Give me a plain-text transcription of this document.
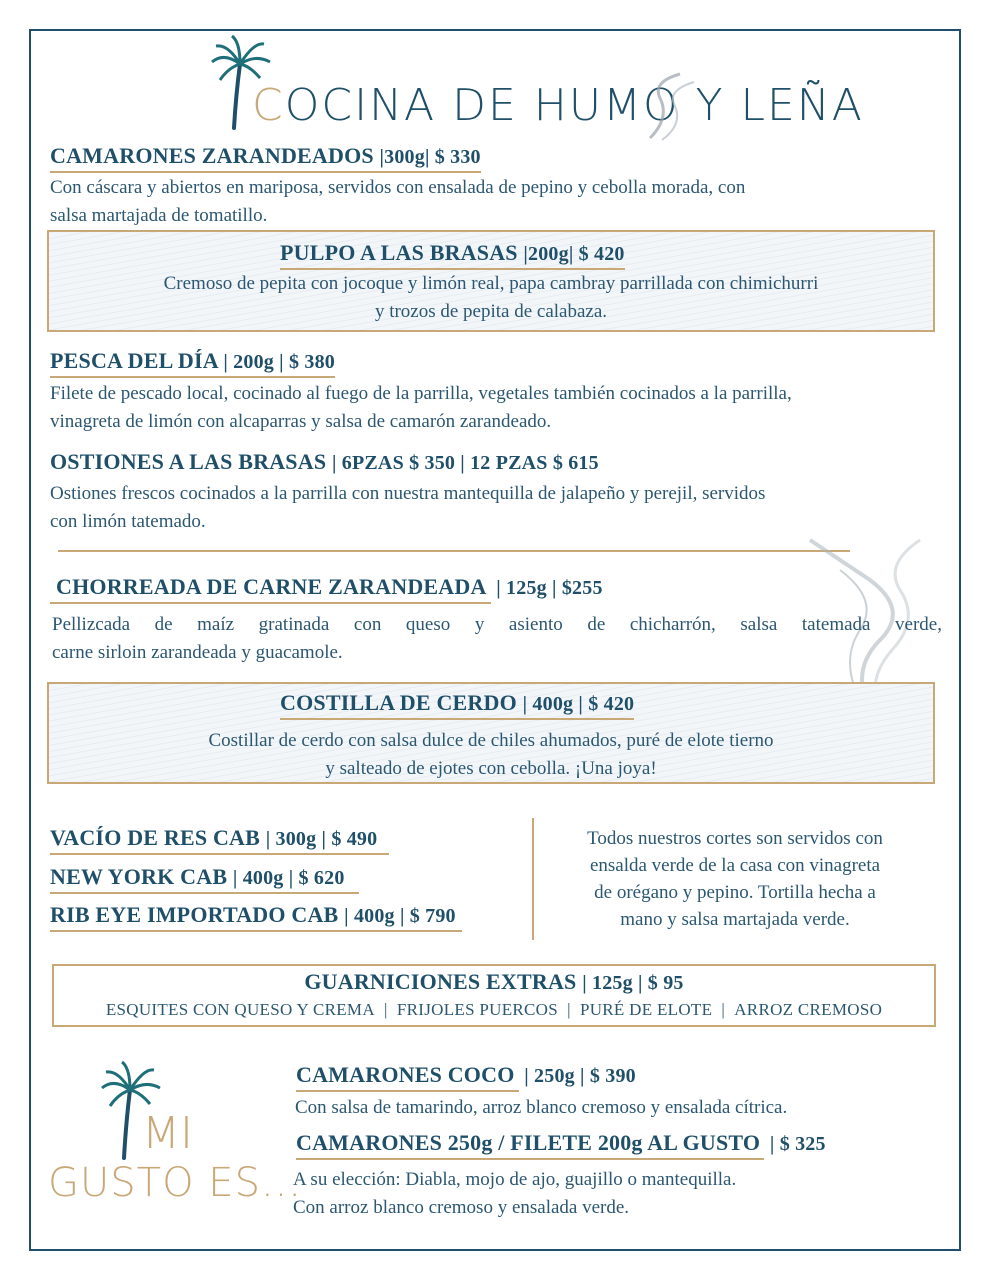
COCINA DE HUMO Y LEÑA
CAMARONES ZARANDEADOS |300g| $ 330
Con cáscara y abiertos en mariposa, servidos con ensalada de pepino y cebolla morada, con
salsa martajada de tomatillo.
PULPO A LAS BRASAS |200g| $ 420
Cremoso de pepita con jocoque y limón real, papa cambray parrillada con chimichurri
y trozos de pepita de calabaza.
PESCA DEL DÍA | 200g | $ 380
Filete de pescado local, cocinado al fuego de la parrilla, vegetales también cocinados a la parrilla,
vinagreta de limón con alcaparras y salsa de camarón zarandeado.
OSTIONES A LAS BRASAS | 6PZAS $ 350 | 12 PZAS $ 615
Ostiones frescos cocinados a la parrilla con nuestra mantequilla de jalapeño y perejil, servidos
con limón tatemado.
CHORREADA DE CARNE ZARANDEADA | 125g | $255
Pellizcada de maíz gratinada con queso y asiento de chicharrón, salsa tatemada verde,
carne sirloin zarandeada y guacamole.
COSTILLA DE CERDO | 400g | $ 420
Costillar de cerdo con salsa dulce de chiles ahumados, puré de elote tierno
y salteado de ejotes con cebolla. ¡Una joya!
VACÍO DE RES CAB | 300g | $ 490
NEW YORK CAB | 400g | $ 620
RIB EYE IMPORTADO CAB | 400g | $ 790
Todos nuestros cortes son servidos con
ensalda verde de la casa con vinagreta
de orégano y pepino. Tortilla hecha a
mano y salsa martajada verde.
GUARNICIONES EXTRAS | 125g | $ 95
ESQUITES CON QUESO Y CREMA | FRIJOLES PUERCOS | PURÉ DE ELOTE | ARROZ CREMOSO
MI
GUSTO ES...
CAMARONES COCO | 250g | $ 390
Con salsa de tamarindo, arroz blanco cremoso y ensalada cítrica.
CAMARONES 250g / FILETE 200g AL GUSTO | $ 325
A su elección: Diabla, mojo de ajo, guajillo o mantequilla.
Con arroz blanco cremoso y ensalada verde.
